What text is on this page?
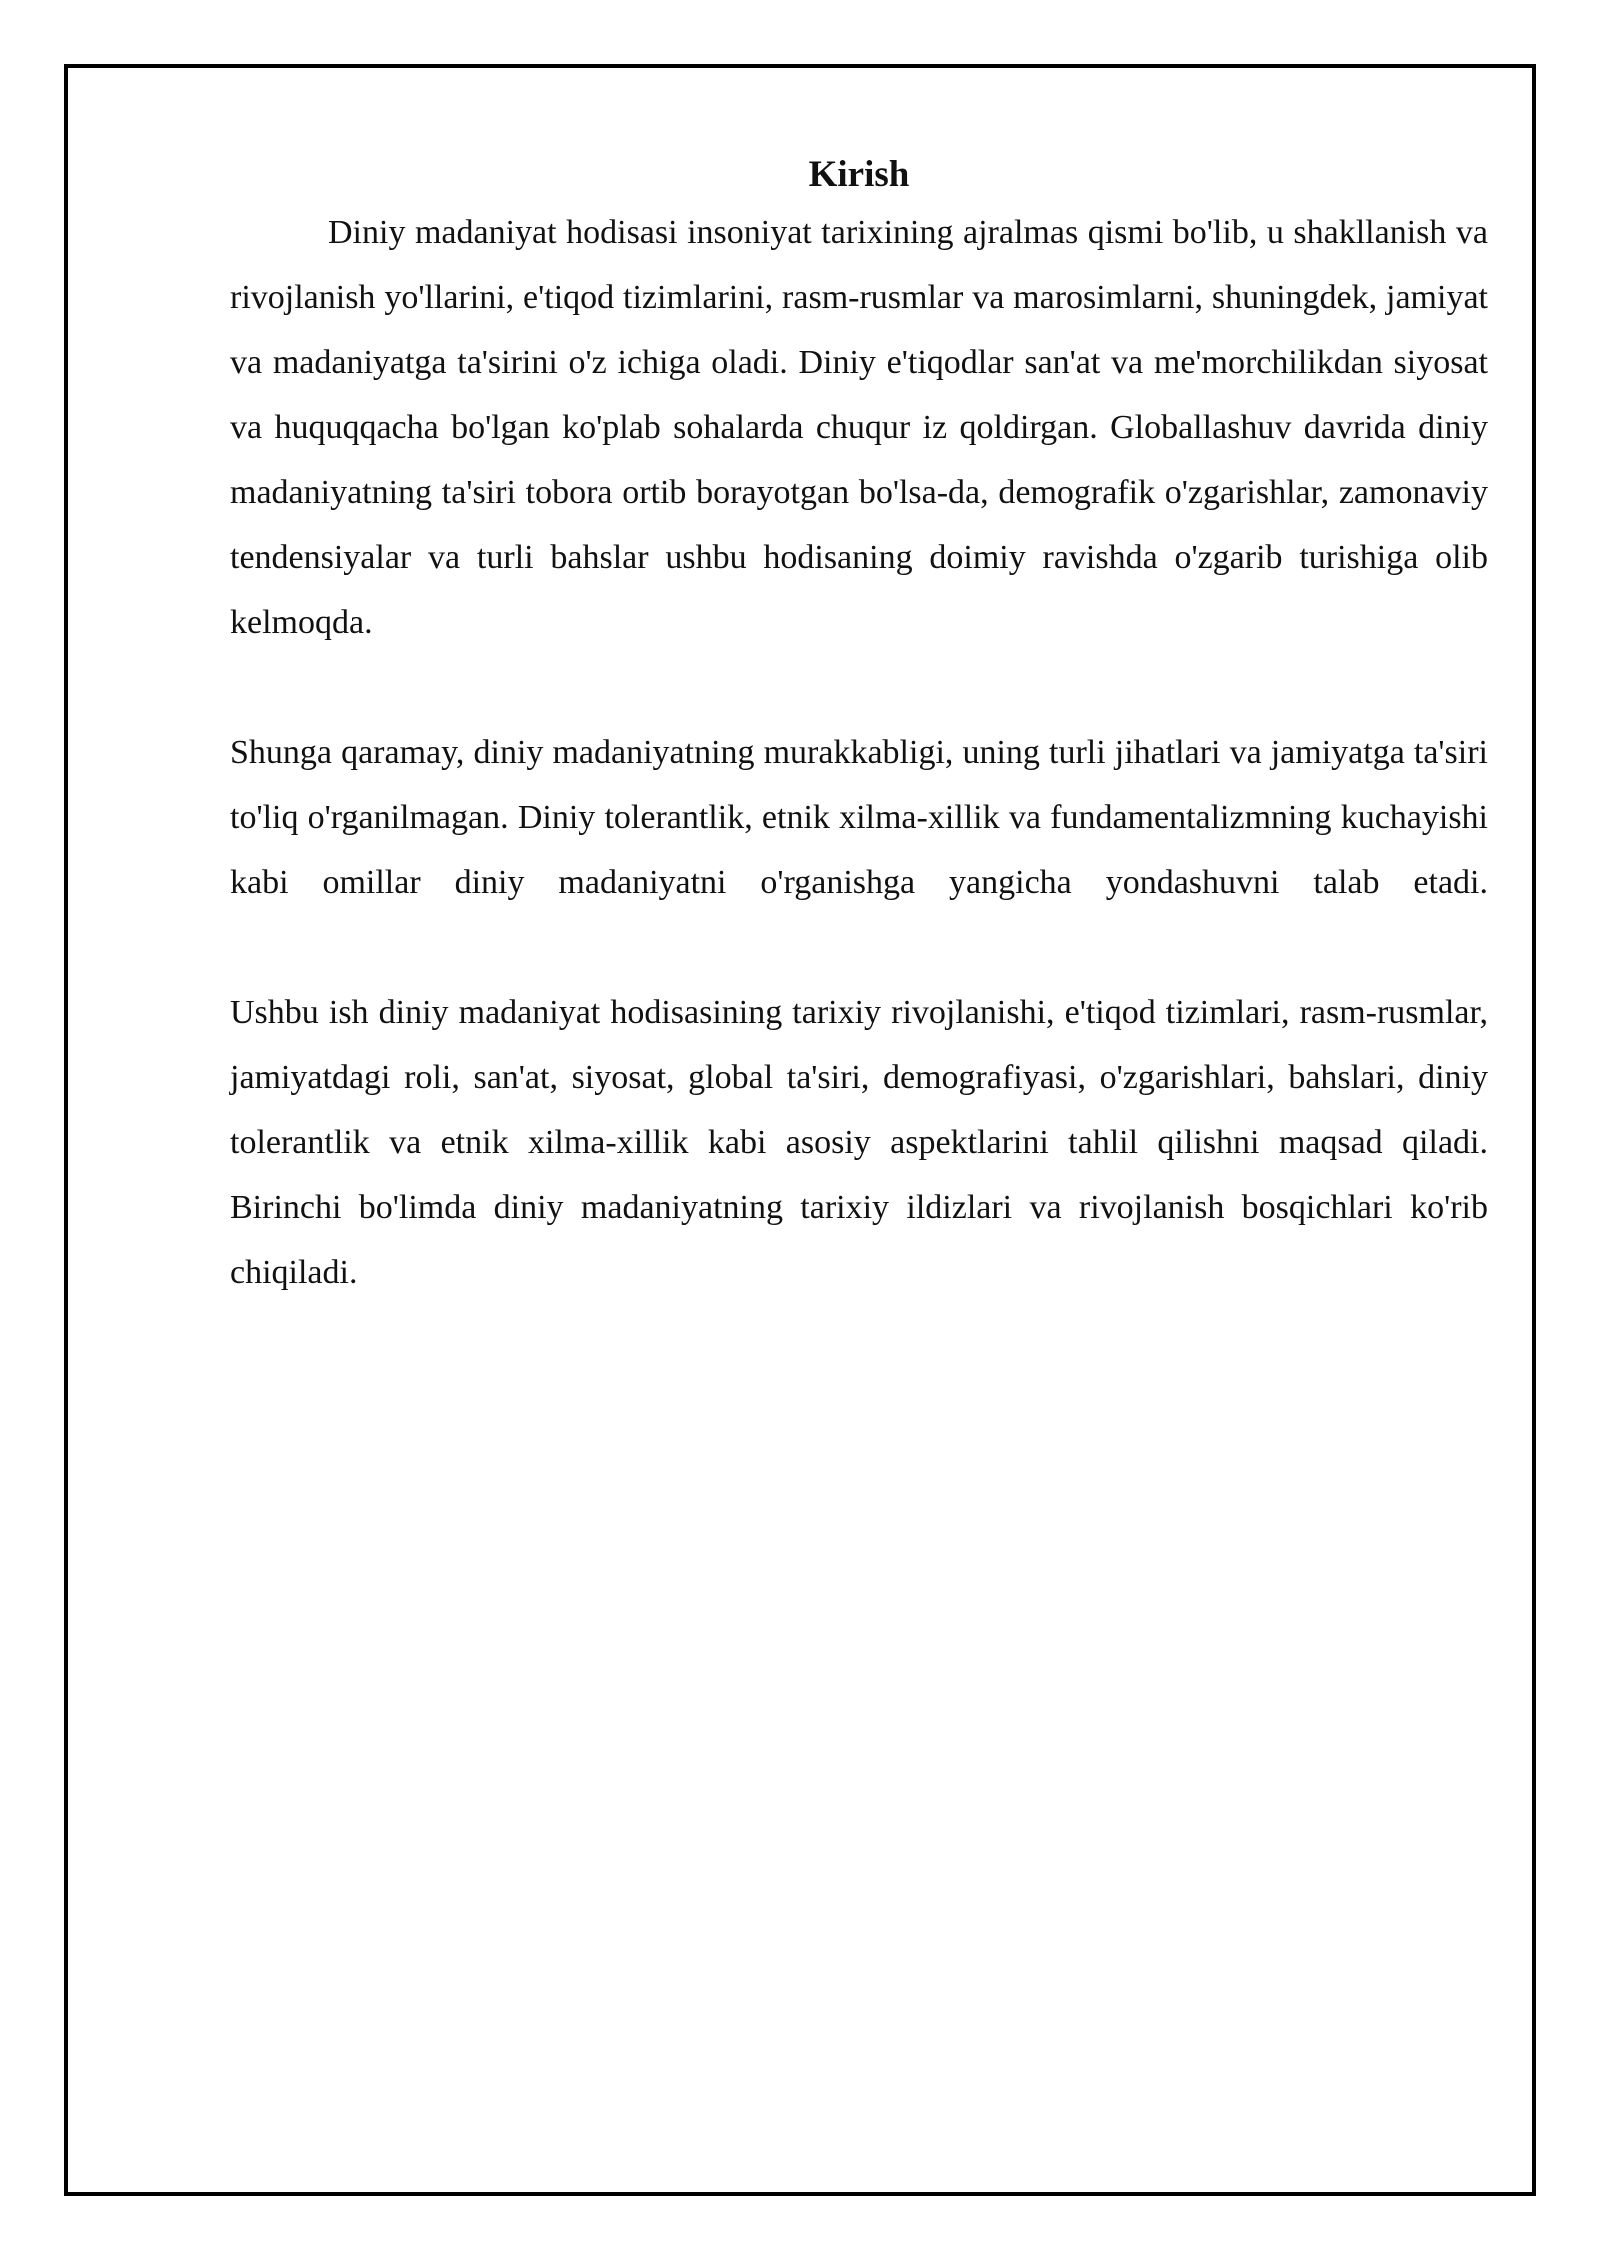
Kirish

Diniy madaniyat hodisasi insoniyat tarixining ajralmas qismi bo'lib, u shakllanish va rivojlanish yo'llarini, e'tiqod tizimlarini, rasm-rusmlar va marosimlarni, shuningdek, jamiyat va madaniyatga ta'sirini o'z ichiga oladi. Diniy e'tiqodlar san'at va me'morchilikdan siyosat va huquqqacha bo'lgan ko'plab sohalarda chuqur iz qoldirgan. Globallashuv davrida diniy madaniyatning ta'siri tobora ortib borayotgan bo'lsa-da, demografik o'zgarishlar, zamonaviy tendensiyalar va turli bahslar ushbu hodisaning doimiy ravishda o'zgarib turishiga olib kelmoqda.

Shunga qaramay, diniy madaniyatning murakkabligi, uning turli jihatlari va jamiyatga ta'siri to'liq o'rganilmagan. Diniy tolerantlik, etnik xilma-xillik va fundamentalizmning kuchayishi kabi omillar diniy madaniyatni o'rganishga yangicha yondashuvni talab etadi.

Ushbu ish diniy madaniyat hodisasining tarixiy rivojlanishi, e'tiqod tizimlari, rasm-rusmlar, jamiyatdagi roli, san'at, siyosat, global ta'siri, demografiyasi, o'zgarishlari, bahslari, diniy tolerantlik va etnik xilma-xillik kabi asosiy aspektlarini tahlil qilishni maqsad qiladi. Birinchi bo'limda diniy madaniyatning tarixiy ildizlari va rivojlanish bosqichlari ko'rib chiqiladi.
